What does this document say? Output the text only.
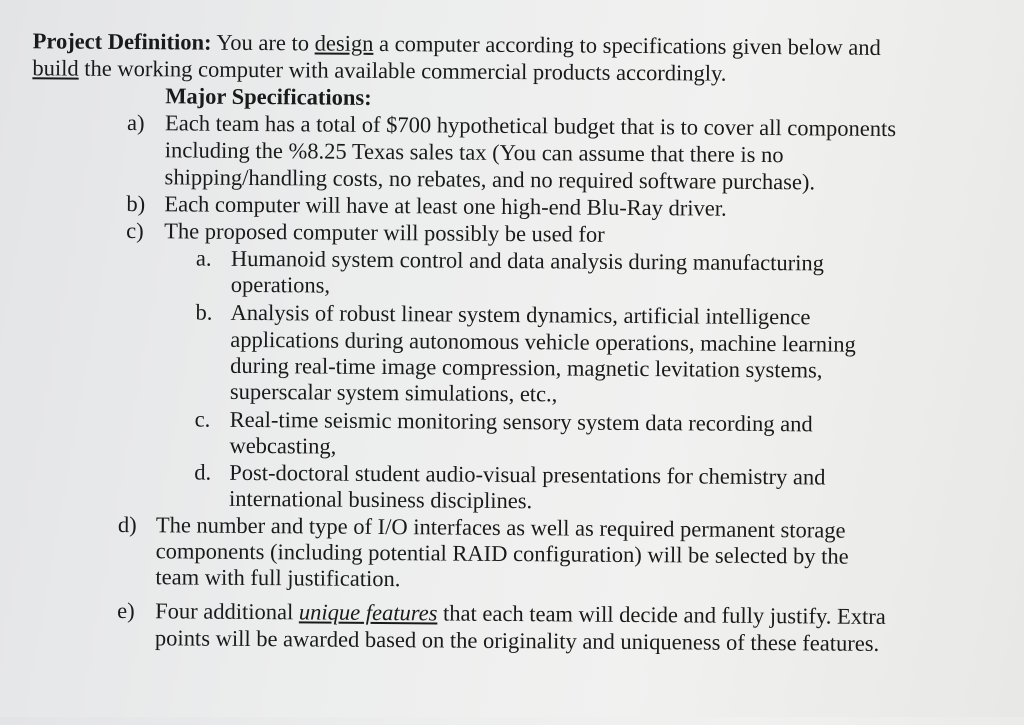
Project Definition: You are to design a computer according to specifications given below and
build the working computer with available commercial products accordingly.
Major Specifications:
a) Each team has a total of $700 hypothetical budget that is to cover all components
including the %8.25 Texas sales tax (You can assume that there is no
shipping/handling costs, no rebates, and no required software purchase).
b) Each computer will have at least one high-end Blu-Ray driver.
c) The proposed computer will possibly be used for
a. Humanoid system control and data analysis during manufacturing
operations,
b. Analysis of robust linear system dynamics, artificial intelligence
applications during autonomous vehicle operations, machine learning
during real-time image compression, magnetic levitation systems,
superscalar system simulations, etc.,
c. Real-time seismic monitoring sensory system data recording and
webcasting,
d. Post-doctoral student audio-visual presentations for chemistry and
international business disciplines.
d) The number and type of I/O interfaces as well as required permanent storage
components (including potential RAID configuration) will be selected by the
team with full justification.
e) Four additional unique features that each team will decide and fully justify. Extra
points will be awarded based on the originality and uniqueness of these features.
